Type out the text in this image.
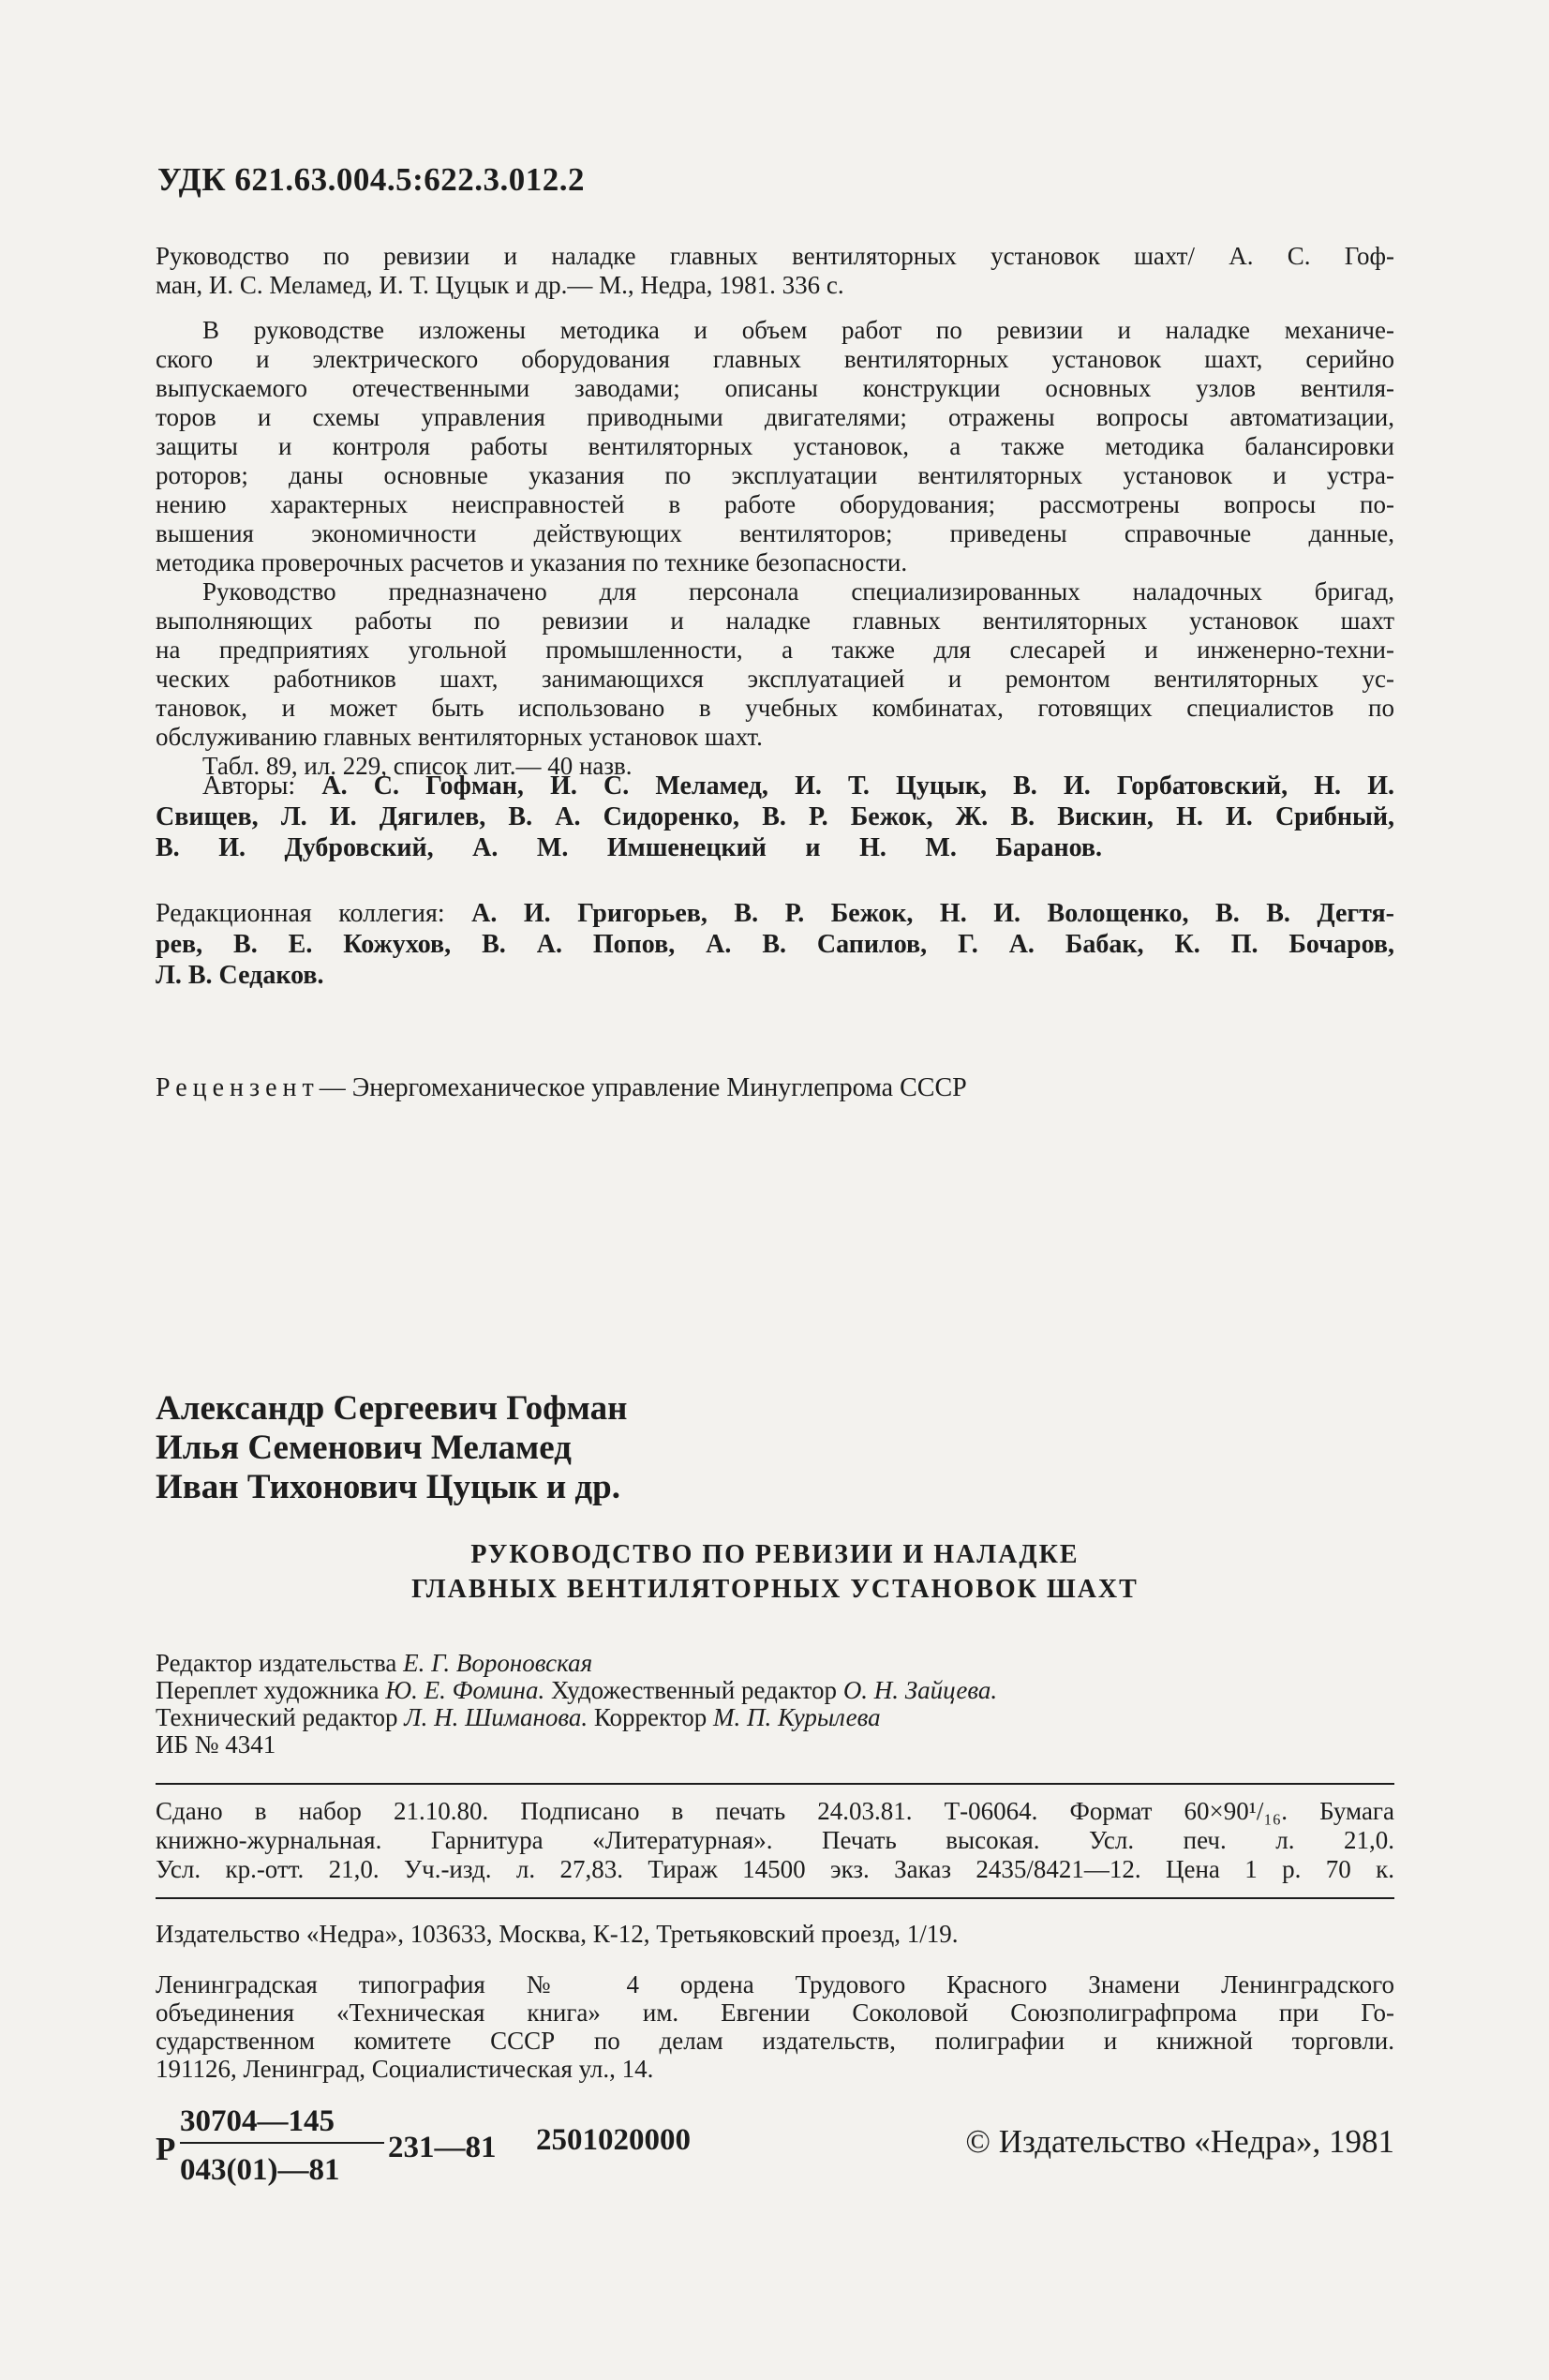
УДК 621.63.004.5:622.3.012.2
Руководство по ревизии и наладке главных вентиляторных установок шахт/ А. С. Гоф-
ман, И. С. Меламед, И. Т. Цуцык и др.— М., Недра, 1981. 336 с.
В руководстве изложены методика и объем работ по ревизии и наладке механиче-
ского и электрического оборудования главных вентиляторных установок шахт, серийно
выпускаемого отечественными заводами; описаны конструкции основных узлов вентиля-
торов и схемы управления приводными двигателями; отражены вопросы автоматизации,
защиты и контроля работы вентиляторных установок, а также методика балансировки
роторов; даны основные указания по эксплуатации вентиляторных установок и устра-
нению характерных неисправностей в работе оборудования; рассмотрены вопросы по-
вышения экономичности действующих вентиляторов; приведены справочные данные,
методика проверочных расчетов и указания по технике безопасности.
Руководство предназначено для персонала специализированных наладочных бригад,
выполняющих работы по ревизии и наладке главных вентиляторных установок шахт
на предприятиях угольной промышленности, а также для слесарей и инженерно-техни-
ческих работников шахт, занимающихся эксплуатацией и ремонтом вентиляторных ус-
тановок, и может быть использовано в учебных комбинатах, готовящих специалистов по
обслуживанию главных вентиляторных установок шахт.
Табл. 89, ил. 229, список лит.— 40 назв.
Авторы: А. С. Гофман, И. С. Меламед, И. Т. Цуцык, В. И. Горбатовский, Н. И.
Свищев, Л. И. Дягилев, В. А. Сидоренко, В. Р. Бежок, Ж. В. Вискин, Н. И. Срибный,
В. И. Дубровский, А. М. Имшенецкий и Н. М. Баранов.
Редакционная коллегия: А. И. Григорьев, В. Р. Бежок, Н. И. Волощенко, В. В. Дегтя-
рев, В. Е. Кожухов, В. А. Попов, А. В. Сапилов, Г. А. Бабак, К. П. Бочаров,
Л. В. Седаков.
Рецензент— Энергомеханическое управление Минуглепрома СССР
Александр Сергеевич Гофман
Илья Семенович Меламед
Иван Тихонович Цуцык и др.
РУКОВОДСТВО ПО РЕВИЗИИ И НАЛАДКЕ
ГЛАВНЫХ ВЕНТИЛЯТОРНЫХ УСТАНОВОК ШАХТ
Редактор издательства Е. Г. Вороновская
Переплет художника Ю. Е. Фомина. Художественный редактор О. Н. Зайцева.
Технический редактор Л. Н. Шиманова. Корректор М. П. Курылева
ИБ № 4341
Сдано в набор 21.10.80. Подписано в печать 24.03.81. Т-06064. Формат 60×90¹/₁₆. Бумага
книжно-журнальная. Гарнитура «Литературная». Печать высокая. Усл. печ. л. 21,0.
Усл. кр.-отт. 21,0. Уч.-изд. л. 27,83. Тираж 14500 экз. Заказ 2435/8421—12. Цена 1 р. 70 к.
Издательство «Недра», 103633, Москва, К-12, Третьяковский проезд, 1/19.
Ленинградская типография № 4 ордена Трудового Красного Знамени Ленинградского
объединения «Техническая книга» им. Евгении Соколовой Союзполиграфпрома при Го-
сударственном комитете СССР по делам издательств, полиграфии и книжной торговли.
191126, Ленинград, Социалистическая ул., 14.
Р
30704—145
043(01)—81
231—81 2501020000	© Издательство «Недра», 1981
